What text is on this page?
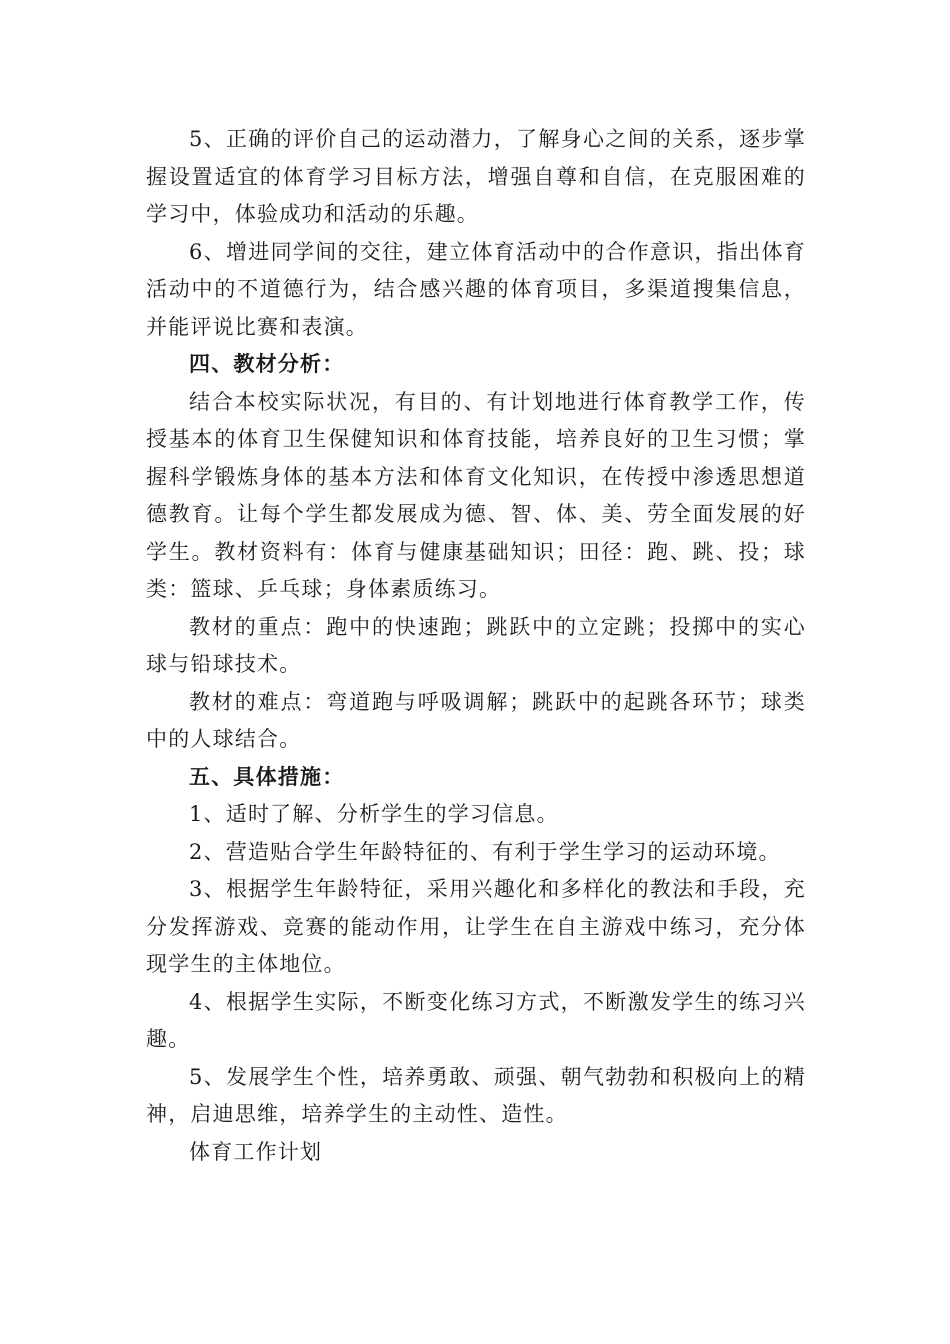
5、正确的评价自己的运动潜力，了解身心之间的关系，逐步掌握设置适宜的体育学习目标方法，增强自尊和自信，在克服困难的学习中，体验成功和活动的乐趣。

6、增进同学间的交往，建立体育活动中的合作意识，指出体育活动中的不道德行为，结合感兴趣的体育项目，多渠道搜集信息，并能评说比赛和表演。

四、教材分析：

结合本校实际状况，有目的、有计划地进行体育教学工作，传授基本的体育卫生保健知识和体育技能，培养良好的卫生习惯；掌握科学锻炼身体的基本方法和体育文化知识，在传授中渗透思想道德教育。让每个学生都发展成为德、智、体、美、劳全面发展的好学生。教材资料有：体育与健康基础知识；田径：跑、跳、投；球类：篮球、乒乓球；身体素质练习。

教材的重点：跑中的快速跑；跳跃中的立定跳；投掷中的实心球与铅球技术。

教材的难点：弯道跑与呼吸调解；跳跃中的起跳各环节；球类中的人球结合。

五、具体措施：

1、适时了解、分析学生的学习信息。

2、营造贴合学生年龄特征的、有利于学生学习的运动环境。

3、根据学生年龄特征，采用兴趣化和多样化的教法和手段，充分发挥游戏、竞赛的能动作用，让学生在自主游戏中练习，充分体现学生的主体地位。

4、根据学生实际，不断变化练习方式，不断激发学生的练习兴趣。

5、发展学生个性，培养勇敢、顽强、朝气勃勃和积极向上的精神，启迪思维，培养学生的主动性、造性。

体育工作计划
